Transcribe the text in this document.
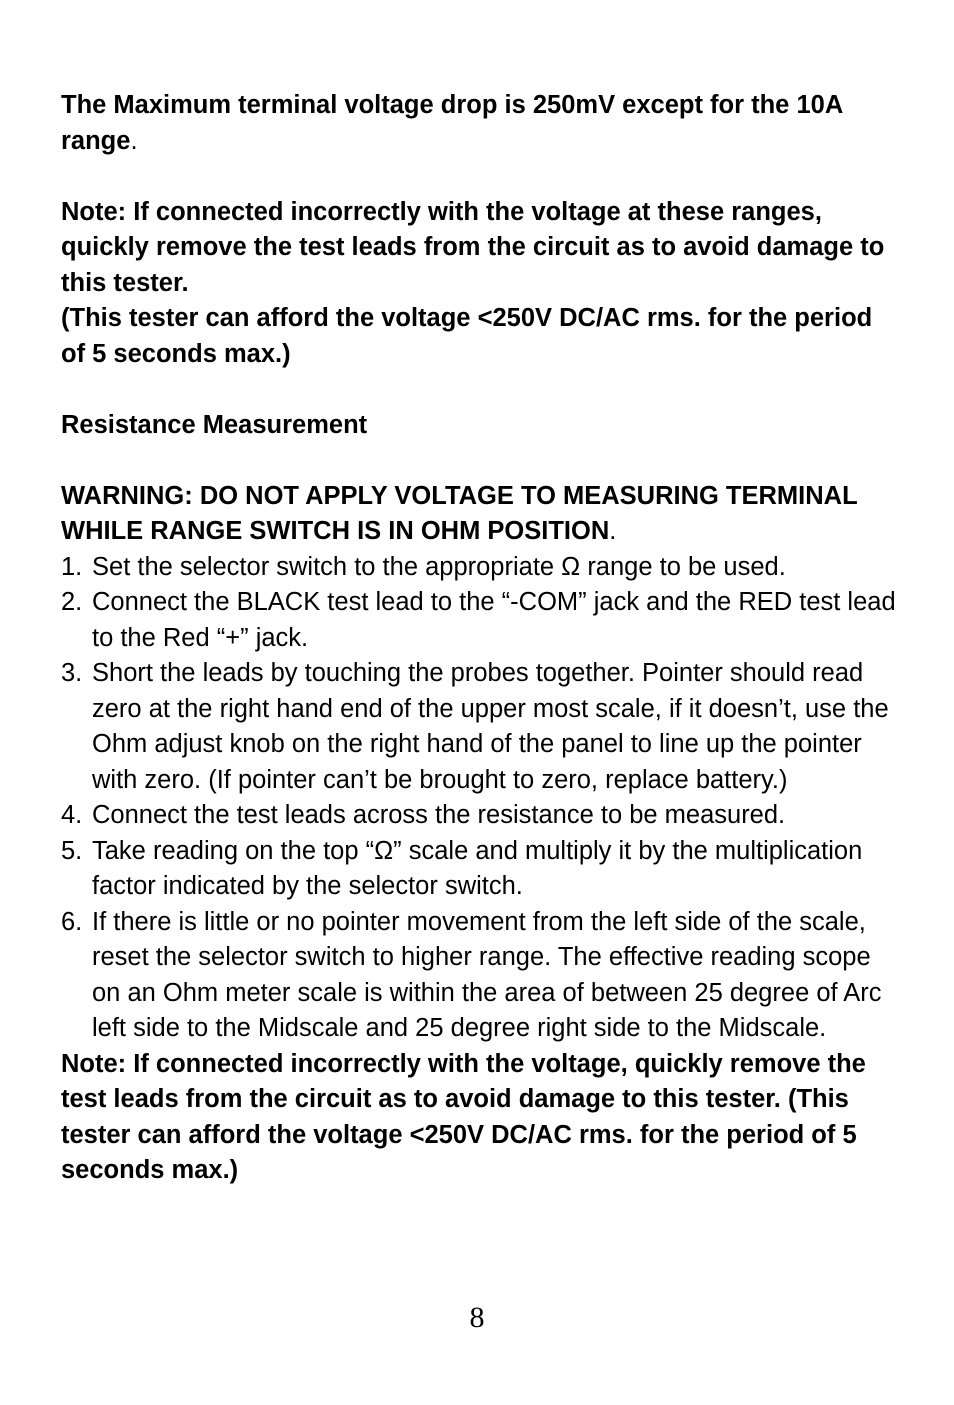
The Maximum terminal voltage drop is 250mV except for the 10A range.

Note: If connected incorrectly with the voltage at these ranges, quickly remove the test leads from the circuit as to avoid damage to this tester.

(This tester can afford the voltage <250V DC/AC rms. for the period of 5 seconds max.)

Resistance Measurement

WARNING: DO NOT APPLY VOLTAGE TO MEASURING TERMINAL WHILE RANGE SWITCH IS IN OHM POSITION.

1. Set the selector switch to the appropriate Ω range to be used.
2. Connect the BLACK test lead to the “-COM” jack and the RED test lead to the Red “+” jack.
3. Short the leads by touching the probes together. Pointer should read zero at the right hand end of the upper most scale, if it doesn’t, use the Ohm adjust knob on the right hand of the panel to line up the pointer with zero. (If pointer can’t be brought to zero, replace battery.)
4. Connect the test leads across the resistance to be measured.
5. Take reading on the top “Ω” scale and multiply it by the multiplication factor indicated by the selector switch.
6. If there is little or no pointer movement from the left side of the scale, reset the selector switch to higher range. The effective reading scope on an Ohm meter scale is within the area of between 25 degree of Arc left side to the Midscale and 25 degree right side to the Midscale.

Note: If connected incorrectly with the voltage, quickly remove the test leads from the circuit as to avoid damage to this tester. (This tester can afford the voltage <250V DC/AC rms. for the period of 5 seconds max.)

8
